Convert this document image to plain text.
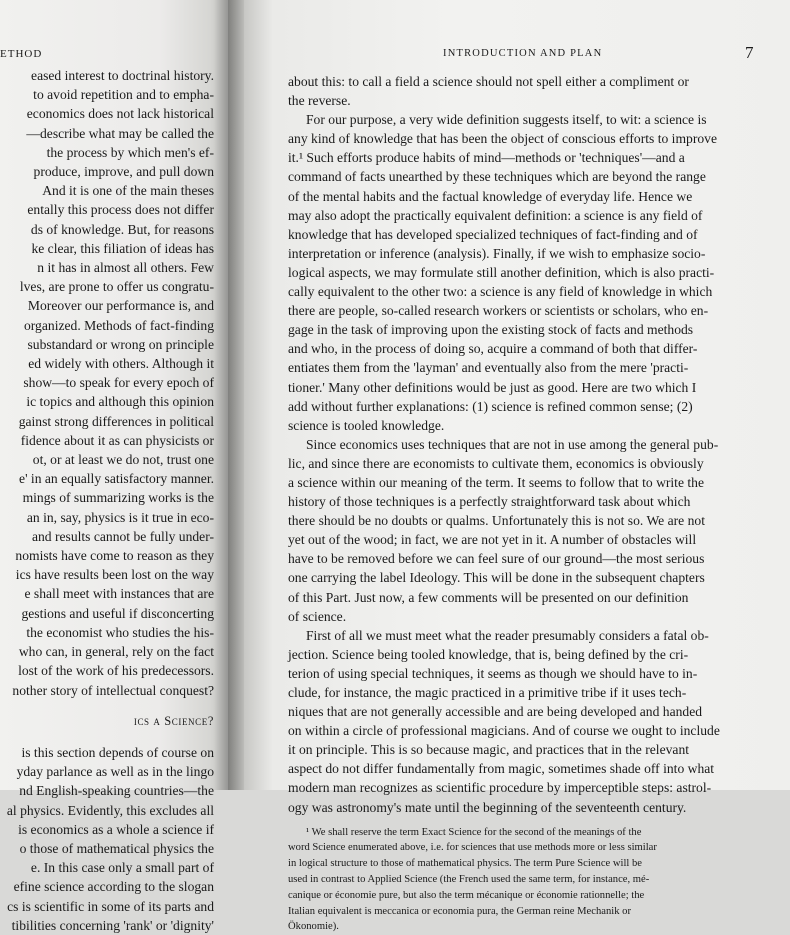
ETHOD
eased interest to doctrinal history.
to avoid repetition and to empha-
economics does not lack historical
—describe what may be called the
the process by which men's ef-
produce, improve, and pull down
And it is one of the main theses
entally this process does not differ
ds of knowledge. But, for reasons
ke clear, this filiation of ideas has
n it has in almost all others. Few
lves, are prone to offer us congratu-
Moreover our performance is, and
organized. Methods of fact-finding
substandard or wrong on principle
ed widely with others. Although it
show—to speak for every epoch of
ic topics and although this opinion
gainst strong differences in political
fidence about it as can physicists or
ot, or at least we do not, trust one
e' in an equally satisfactory manner.
mings of summarizing works is the
an in, say, physics is it true in eco-
and results cannot be fully under-
nomists have come to reason as they
ics have results been lost on the way
e shall meet with instances that are
gestions and useful if disconcerting
the economist who studies the his-
who can, in general, rely on the fact
lost of the work of his predecessors.
nother story of intellectual conquest?
ics a Science?
is this section depends of course on
yday parlance as well as in the lingo
nd English-speaking countries—the
al physics. Evidently, this excludes all
is economics as a whole a science if
o those of mathematical physics the
e. In this case only a small part of
efine science according to the slogan
cs is scientific in some of its parts and
tibilities concerning 'rank' or 'dignity'
INTRODUCTION AND PLAN	7
about this: to call a field a science should not spell either a compliment or
the reverse.
For our purpose, a very wide definition suggests itself, to wit: a science is
any kind of knowledge that has been the object of conscious efforts to improve
it.¹ Such efforts produce habits of mind—methods or 'techniques'—and a
command of facts unearthed by these techniques which are beyond the range
of the mental habits and the factual knowledge of everyday life. Hence we
may also adopt the practically equivalent definition: a science is any field of
knowledge that has developed specialized techniques of fact-finding and of
interpretation or inference (analysis). Finally, if we wish to emphasize socio-
logical aspects, we may formulate still another definition, which is also practi-
cally equivalent to the other two: a science is any field of knowledge in which
there are people, so-called research workers or scientists or scholars, who en-
gage in the task of improving upon the existing stock of facts and methods
and who, in the process of doing so, acquire a command of both that differ-
entiates them from the 'layman' and eventually also from the mere 'practi-
tioner.' Many other definitions would be just as good. Here are two which I
add without further explanations: (1) science is refined common sense; (2)
science is tooled knowledge.
Since economics uses techniques that are not in use among the general pub-
lic, and since there are economists to cultivate them, economics is obviously
a science within our meaning of the term. It seems to follow that to write the
history of those techniques is a perfectly straightforward task about which
there should be no doubts or qualms. Unfortunately this is not so. We are not
yet out of the wood; in fact, we are not yet in it. A number of obstacles will
have to be removed before we can feel sure of our ground—the most serious
one carrying the label Ideology. This will be done in the subsequent chapters
of this Part. Just now, a few comments will be presented on our definition
of science.
First of all we must meet what the reader presumably considers a fatal ob-
jection. Science being tooled knowledge, that is, being defined by the cri-
terion of using special techniques, it seems as though we should have to in-
clude, for instance, the magic practiced in a primitive tribe if it uses tech-
niques that are not generally accessible and are being developed and handed
on within a circle of professional magicians. And of course we ought to include
it on principle. This is so because magic, and practices that in the relevant
aspect do not differ fundamentally from magic, sometimes shade off into what
modern man recognizes as scientific procedure by imperceptible steps: astrol-
ogy was astronomy's mate until the beginning of the seventeenth century.
¹ We shall reserve the term Exact Science for the second of the meanings of the
word Science enumerated above, i.e. for sciences that use methods more or less similar
in logical structure to those of mathematical physics. The term Pure Science will be
used in contrast to Applied Science (the French used the same term, for instance, mé-
canique or économie pure, but also the term mécanique or économie rationnelle; the
Italian equivalent is meccanica or economia pura, the German reine Mechanik or
Ökonomie).
